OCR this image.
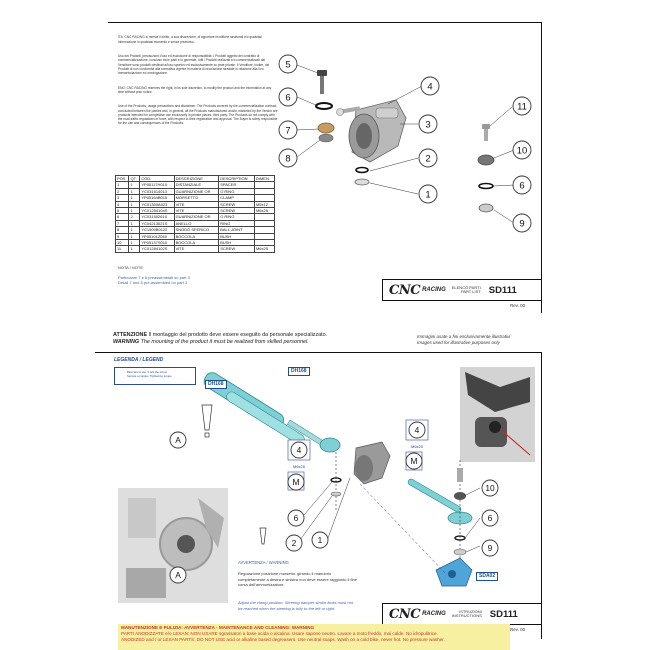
ITA: CNC RACING si riserva il diritto, a sua discrezione, di apportare modifiche strutturali e/o qualsiasi informazione in qualsiasi momento e senza preavviso.

Uso dei Prodotti, precauzioni d'uso ed esclusione di responsabilità: I Prodotti oggetto del contratto di commercializzazione, concluso tra le parti e in generale, tutti i Prodotti realizzati e/o commercializzati dal Venditore sono prodotti destinati all'uso sportivo ed esclusivamente su piste private. Il Venditore, inoltre, dei Prodotti di non conformità alla normativa vigente in materia di circolazione stradale in relazione alla loro immatricolazione ed omologazione.

ENG: CNC RACING reserves the right, in its sole discretion, to modify the product and the information at any time without prior notice.

Use of the Products, usage precautions and disclaimer: The Products covered by the commercialization contract concluded between the parties and, in general, all the Products manufactured and/or marketed by the Vendor are products intended for competitive use exclusively in private places, third party. The Products do not comply with the road traffic regulations in force, with respect to their registration and approval. The Buyer is solely responsible for the use and consequences of the Products.

POS	QT.	COD.	DESCRIZIONE	DESCRIPTION	DIMEN.
1	1	YP05117H010	DISTANZIALE	SPACER	
2	1	YC031614013	GUARNIZIONE OR	O RING	
3	1	YP05164B015	MORSETTO	CLAMP	
4	1	YC01300A023	VITE	SCREW	M5x12
5	1	YC01254104S	VITE	SCREW	M6x25
6	2	YC031502610	GUARNIZIONE OR	O RING	
7	1	YC04213021S	ANELLO	RING	
8	1	YC1500B0122	SNODO SFERICO	BALL JOINT	
9	1	YP05101Z040	BOCCOLA	BUSH	
10	1	YP05137S010	BOCCOLA	BUSH	
11	1	YC01284102S	VITE	SCREW	M6x25
NOTA / NOTE
Particolare 7 e 8 preassemblati su part 3
Detail 7 and 8 pre-assembled on part 3	CNC RACING ELENCO PARTI
PART LIST SD111
Rev. 00
5
4
6
3
7
8	2
1
11
10
6
9
ATTENZIONE Il montaggio del prodotto deve essere eseguito da personale specializzato.
WARNING The mounting of the product it must be realized from skilled personnel.
Immagini usate a fini esclusivamente illustrativi
Images used for illustrative purposes only
LEGENDA / LEGEND
Bloccare la vite / Lock the screw
Serrare a coppia / Tightening torque
M6x25
M6x25
A
A
4
4
M
M
6
2	1
10
6
9
DH168
DH168
SDA02
AVVERTENZA / WARNING
Regolazione posizione morsetto: girando il manubrio completamente a destra e sinistra non deve essere raggiunto il fine corsa dell'ammortizzatore.
Adjust the clamp position: Steering damper stroke limits must not be reached when the steering is fully to the left or right.	CNC RACING	ISTRUZIONI
INSTRUCTIONS SD111
Rev. 00
MANUTENZIONE E PULIZIA: AVVERTENZA - MAINTENANCE AND CLEANING: WARNING
PARTI ANODIZZATE e/o LEXAN: NON USARE sgrassatori a base acida o alcalina. Usare sapone neutro. Lavare a moto freddo, mai calde. No idropulitrice.
ANODIZED and / or LEXAN PARTS: DO NOT USE acid or alkaline based degreasers. Use neutral soaps. Wash on a cold bike, never hot. No pressure washer.
